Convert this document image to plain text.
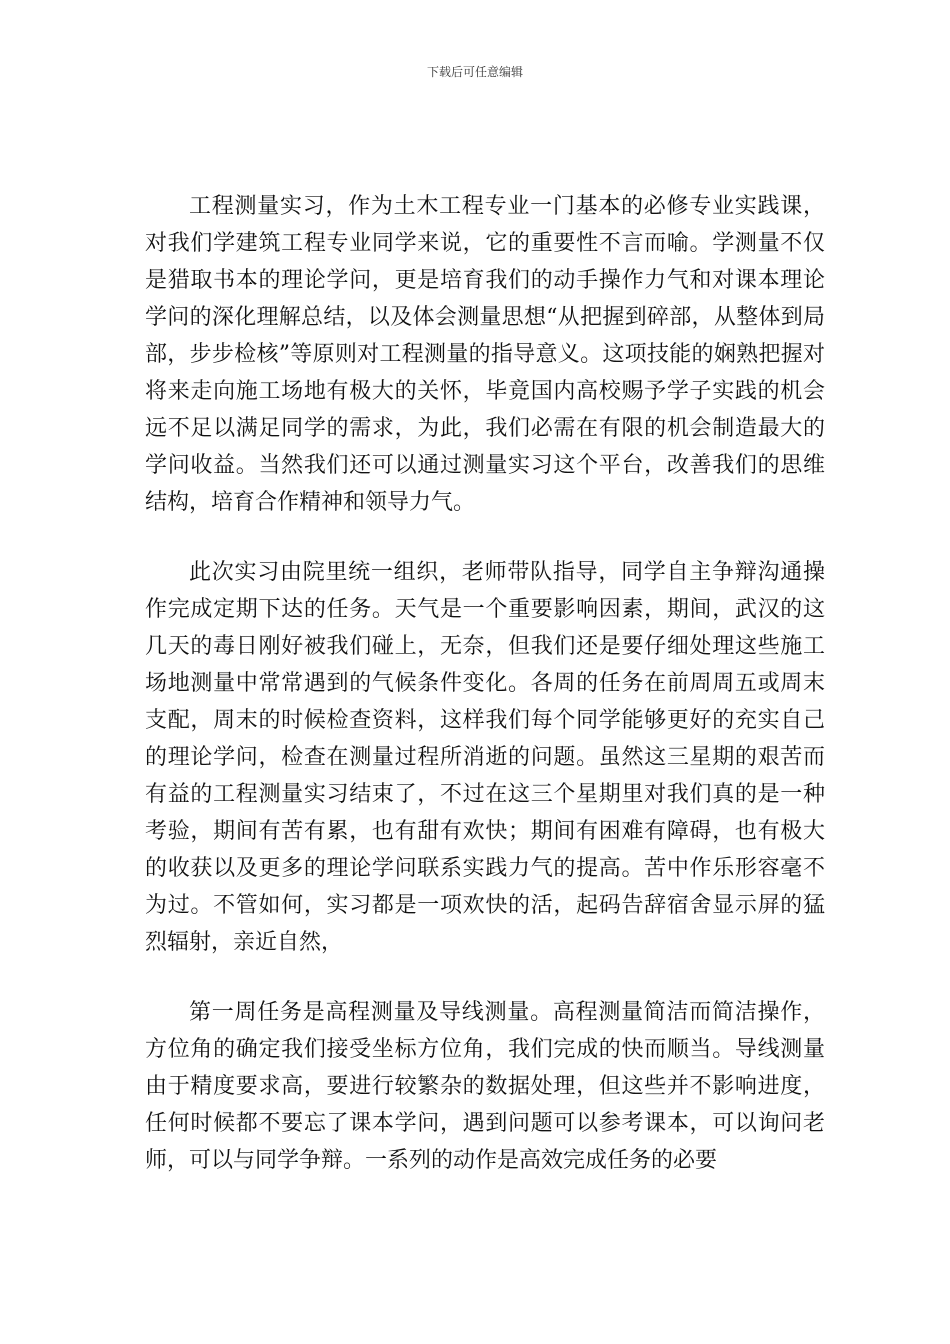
下载后可任意编辑

工程测量实习，作为土木工程专业一门基本的必修专业实践课，对我们学建筑工程专业同学来说，它的重要性不言而喻。学测量不仅是猎取书本的理论学问，更是培育我们的动手操作力气和对课本理论学问的深化理解总结，以及体会测量思想“从把握到碎部，从整体到局部，步步检核”等原则对工程测量的指导意义。这项技能的娴熟把握对将来走向施工场地有极大的关怀，毕竟国内高校赐予学子实践的机会远不足以满足同学的需求，为此，我们必需在有限的机会制造最大的学问收益。当然我们还可以通过测量实习这个平台，改善我们的思维结构，培育合作精神和领导力气。

此次实习由院里统一组织，老师带队指导，同学自主争辩沟通操作完成定期下达的任务。天气是一个重要影响因素，期间，武汉的这几天的毒日刚好被我们碰上，无奈，但我们还是要仔细处理这些施工场地测量中常常遇到的气候条件变化。各周的任务在前周周五或周末支配，周末的时候检查资料，这样我们每个同学能够更好的充实自己的理论学问，检查在测量过程所消逝的问题。虽然这三星期的艰苦而有益的工程测量实习结束了，不过在这三个星期里对我们真的是一种考验，期间有苦有累，也有甜有欢快；期间有困难有障碍，也有极大的收获以及更多的理论学问联系实践力气的提高。苦中作乐形容毫不为过。不管如何，实习都是一项欢快的活，起码告辞宿舍显示屏的猛烈辐射，亲近自然，

第一周任务是高程测量及导线测量。高程测量简洁而简洁操作，方位角的确定我们接受坐标方位角，我们完成的快而顺当。导线测量由于精度要求高，要进行较繁杂的数据处理，但这些并不影响进度，任何时候都不要忘了课本学问，遇到问题可以参考课本，可以询问老师，可以与同学争辩。一系列的动作是高效完成任务的必要
